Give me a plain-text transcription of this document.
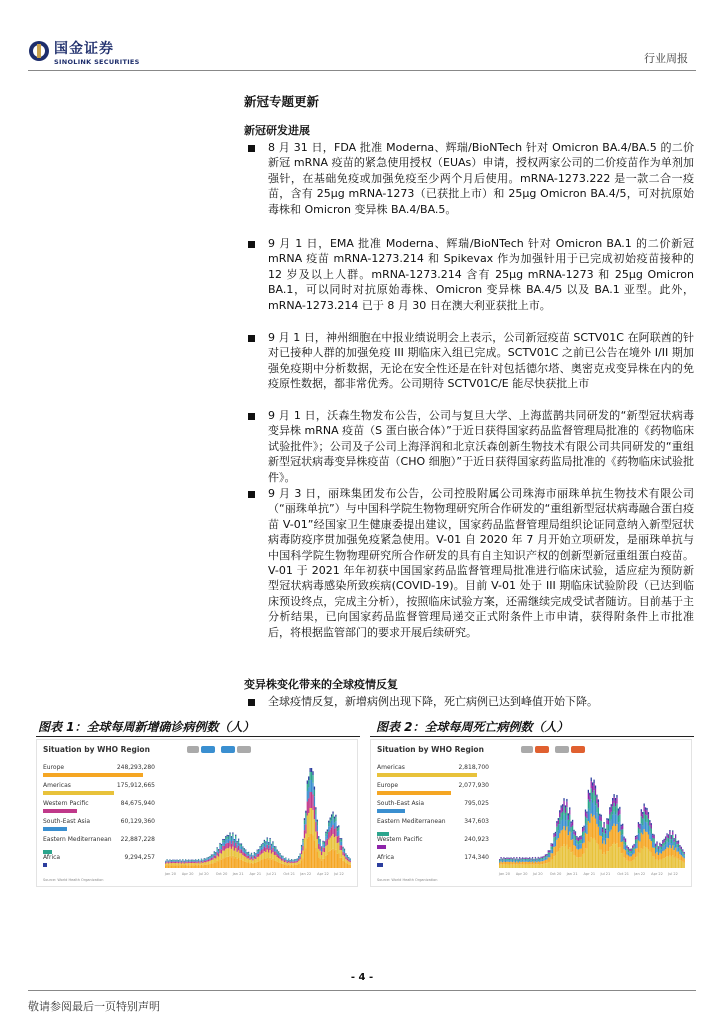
国金证券
SINOLINK SECURITIES	行业周报
新冠专题更新
新冠研发进展
8 月 31 日，FDA 批准 Moderna、辉瑞/BioNTech 针对 Omicron BA.4/BA.5 的二价新冠 mRNA 疫苗的紧急使用授权（EUAs）申请，授权两家公司的二价疫苗作为单剂加强针，在基础免疫或加强免疫至少两个月后使用。mRNA-1273.222 是一款二合一疫苗，含有 25μg mRNA-1273（已获批上市）和 25μg Omicron BA.4/5，可对抗原始毒株和 Omicron 变异株 BA.4/BA.5。
9 月 1 日，EMA 批准 Moderna、辉瑞/BioNTech 针对 Omicron BA.1 的二价新冠 mRNA 疫苗 mRNA-1273.214 和 Spikevax 作为加强针用于已完成初始疫苗接种的 12 岁及以上人群。mRNA-1273.214 含有 25μg mRNA-1273 和 25μg Omicron BA.1，可以同时对抗原始毒株、Omicron 变异株 BA.4/5 以及 BA.1 亚型。此外，mRNA-1273.214 已于 8 月 30 日在澳大利亚获批上市。
9 月 1 日，神州细胞在中报业绩说明会上表示，公司新冠疫苗 SCTV01C 在阿联酋的针对已接种人群的加强免疫 III 期临床入组已完成。SCTV01C 之前已公告在境外 I/II 期加强免疫期中分析数据，无论在安全性还是在针对包括德尔塔、奥密克戎变异株在内的免疫原性数据，都非常优秀。公司期待 SCTV01C/E 能尽快获批上市
9 月 1 日，沃森生物发布公告，公司与复旦大学、上海蓝鹊共同研发的“新型冠状病毒变异株 mRNA 疫苗（S 蛋白嵌合体）”于近日获得国家药品监督管理局批准的《药物临床试验批件》；公司及子公司上海泽润和北京沃森创新生物技术有限公司共同研发的“重组新型冠状病毒变异株疫苗（CHO 细胞）”于近日获得国家药监局批准的《药物临床试验批件》。
9 月 3 日，丽珠集团发布公告，公司控股附属公司珠海市丽珠单抗生物技术有限公司（“丽珠单抗”）与中国科学院生物物理研究所合作研发的“重组新型冠状病毒融合蛋白疫苗 V-01”经国家卫生健康委提出建议，国家药品监督管理局组织论证同意纳入新型冠状病毒防疫序贯加强免疫紧急使用。V-01 自 2020 年 7 月开始立项研发，是丽珠单抗与中国科学院生物物理研究所合作研发的具有自主知识产权的创新型新冠重组蛋白疫苗。V-01 于 2021 年年初获中国国家药品监督管理局批准进行临床试验，适应症为预防新型冠状病毒感染所致疾病(COVID-19)。目前 V-01 处于 III 期临床试验阶段（已达到临床预设终点，完成主分析），按照临床试验方案，还需继续完成受试者随访。目前基于主分析结果，已向国家药品监督管理局递交正式附条件上市申请，获得附条件上市批准后，将根据监管部门的要求开展后续研究。
变异株变化带来的全球疫情反复
全球疫情反复，新增病例出现下降，死亡病例已达到峰值开始下降。
图表 1：全球每周新增确诊病例数（人）	图表 2：全球每周死亡病例数（人）
Situation by WHO Region
Europe	248,293,280
Americas	175,912,665
Western Pacific	84,675,940
South-East Asia	60,129,360
Eastern Mediterranean 22,887,228
Africa	9,294,257
Jan 20 Apr 20 Jul 20 Oct 20 Jan 21 Apr 21 Jul 21 Oct 21 Jan 22 Apr 22 Jul 22
Source: World Health Organization
Situation by WHO Region
Americas	2,818,700
Europe	2,077,930
South-East Asia	795,025
Eastern Mediterranean	347,603
Western Pacific	240,923
Africa	174,340
Jan 20 Apr 20 Jul 20 Oct 20 Jan 21 Apr 21 Jul 21 Oct 21 Jan 22 Apr 22 Jul 22
Source: World Health Organization
- 4 -
敬请参阅最后一页特别声明
